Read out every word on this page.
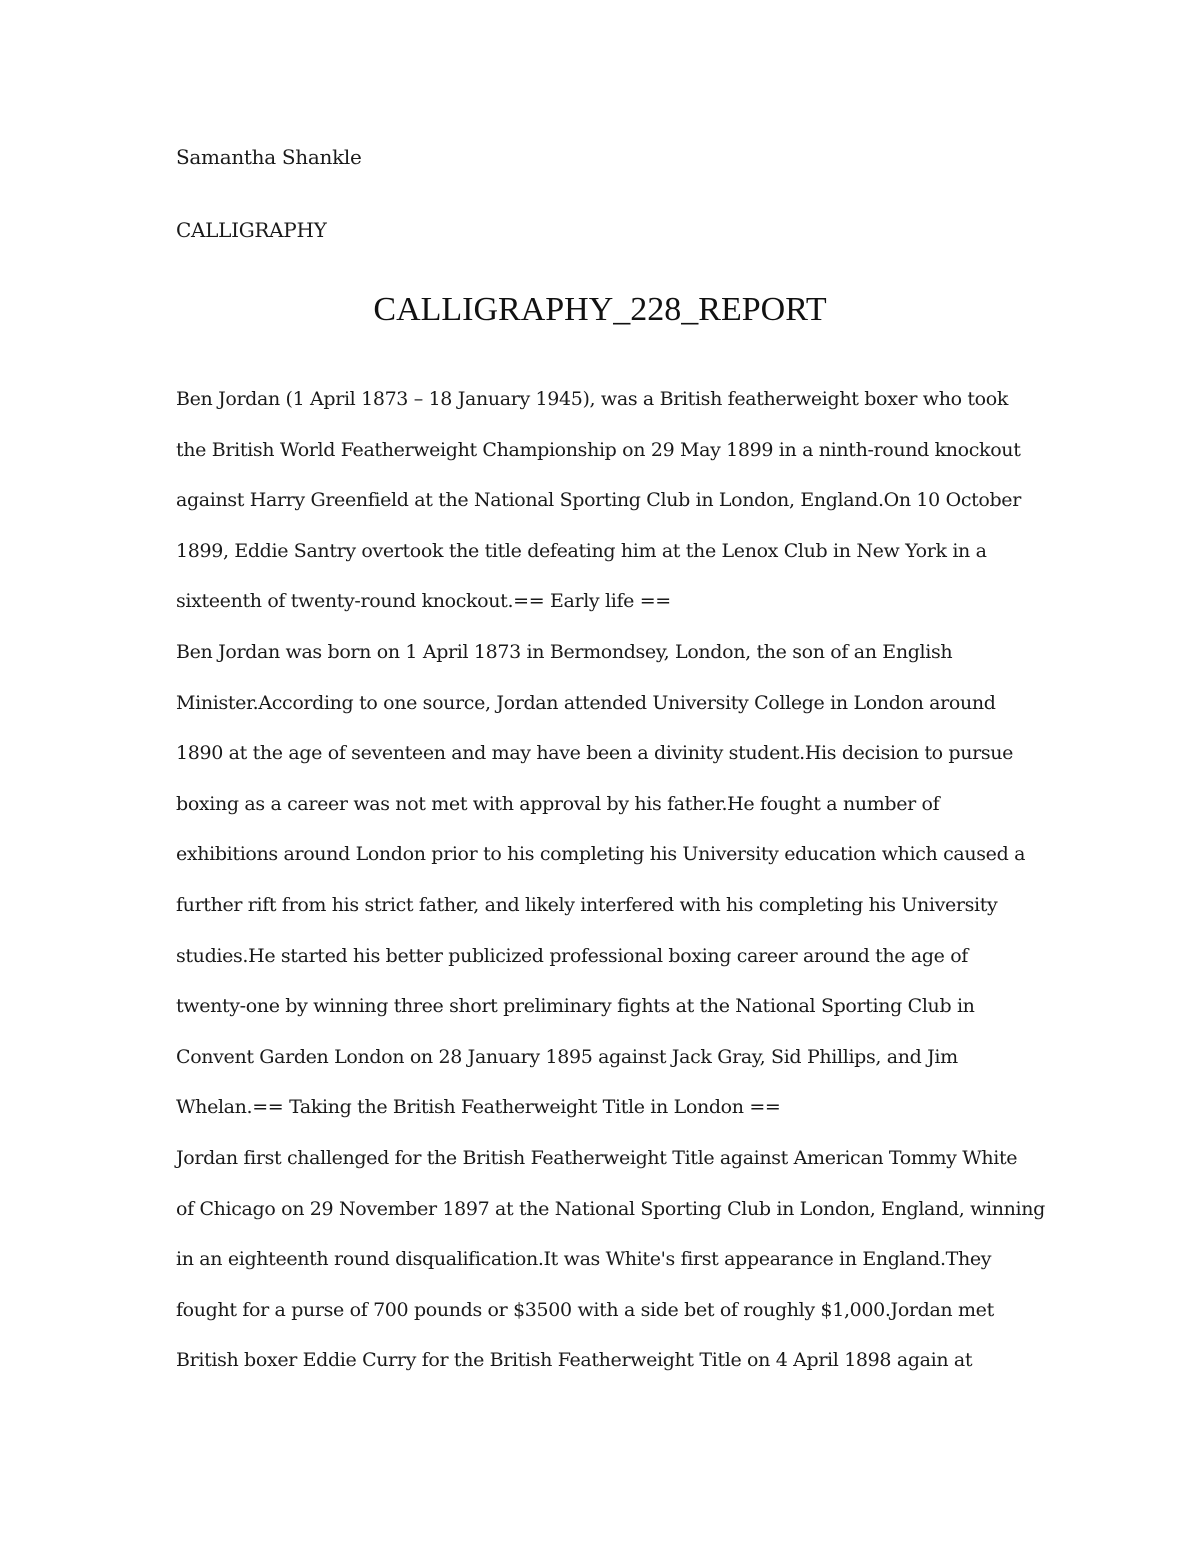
Samantha Shankle
CALLIGRAPHY
CALLIGRAPHY_228_REPORT
Ben Jordan (1 April 1873 – 18 January 1945), was a British featherweight boxer who took
the British World Featherweight Championship on 29 May 1899 in a ninth-round knockout
against Harry Greenfield at the National Sporting Club in London, England.On 10 October
1899, Eddie Santry overtook the title defeating him at the Lenox Club in New York in a
sixteenth of twenty-round knockout.== Early life ==
Ben Jordan was born on 1 April 1873 in Bermondsey, London, the son of an English
Minister.According to one source, Jordan attended University College in London around
1890 at the age of seventeen and may have been a divinity student.His decision to pursue
boxing as a career was not met with approval by his father.He fought a number of
exhibitions around London prior to his completing his University education which caused a
further rift from his strict father, and likely interfered with his completing his University
studies.He started his better publicized professional boxing career around the age of
twenty-one by winning three short preliminary fights at the National Sporting Club in
Convent Garden London on 28 January 1895 against Jack Gray, Sid Phillips, and Jim
Whelan.== Taking the British Featherweight Title in London ==
Jordan first challenged for the British Featherweight Title against American Tommy White
of Chicago on 29 November 1897 at the National Sporting Club in London, England, winning
in an eighteenth round disqualification.It was White's first appearance in England.They
fought for a purse of 700 pounds or $3500 with a side bet of roughly $1,000.Jordan met
British boxer Eddie Curry for the British Featherweight Title on 4 April 1898 again at
